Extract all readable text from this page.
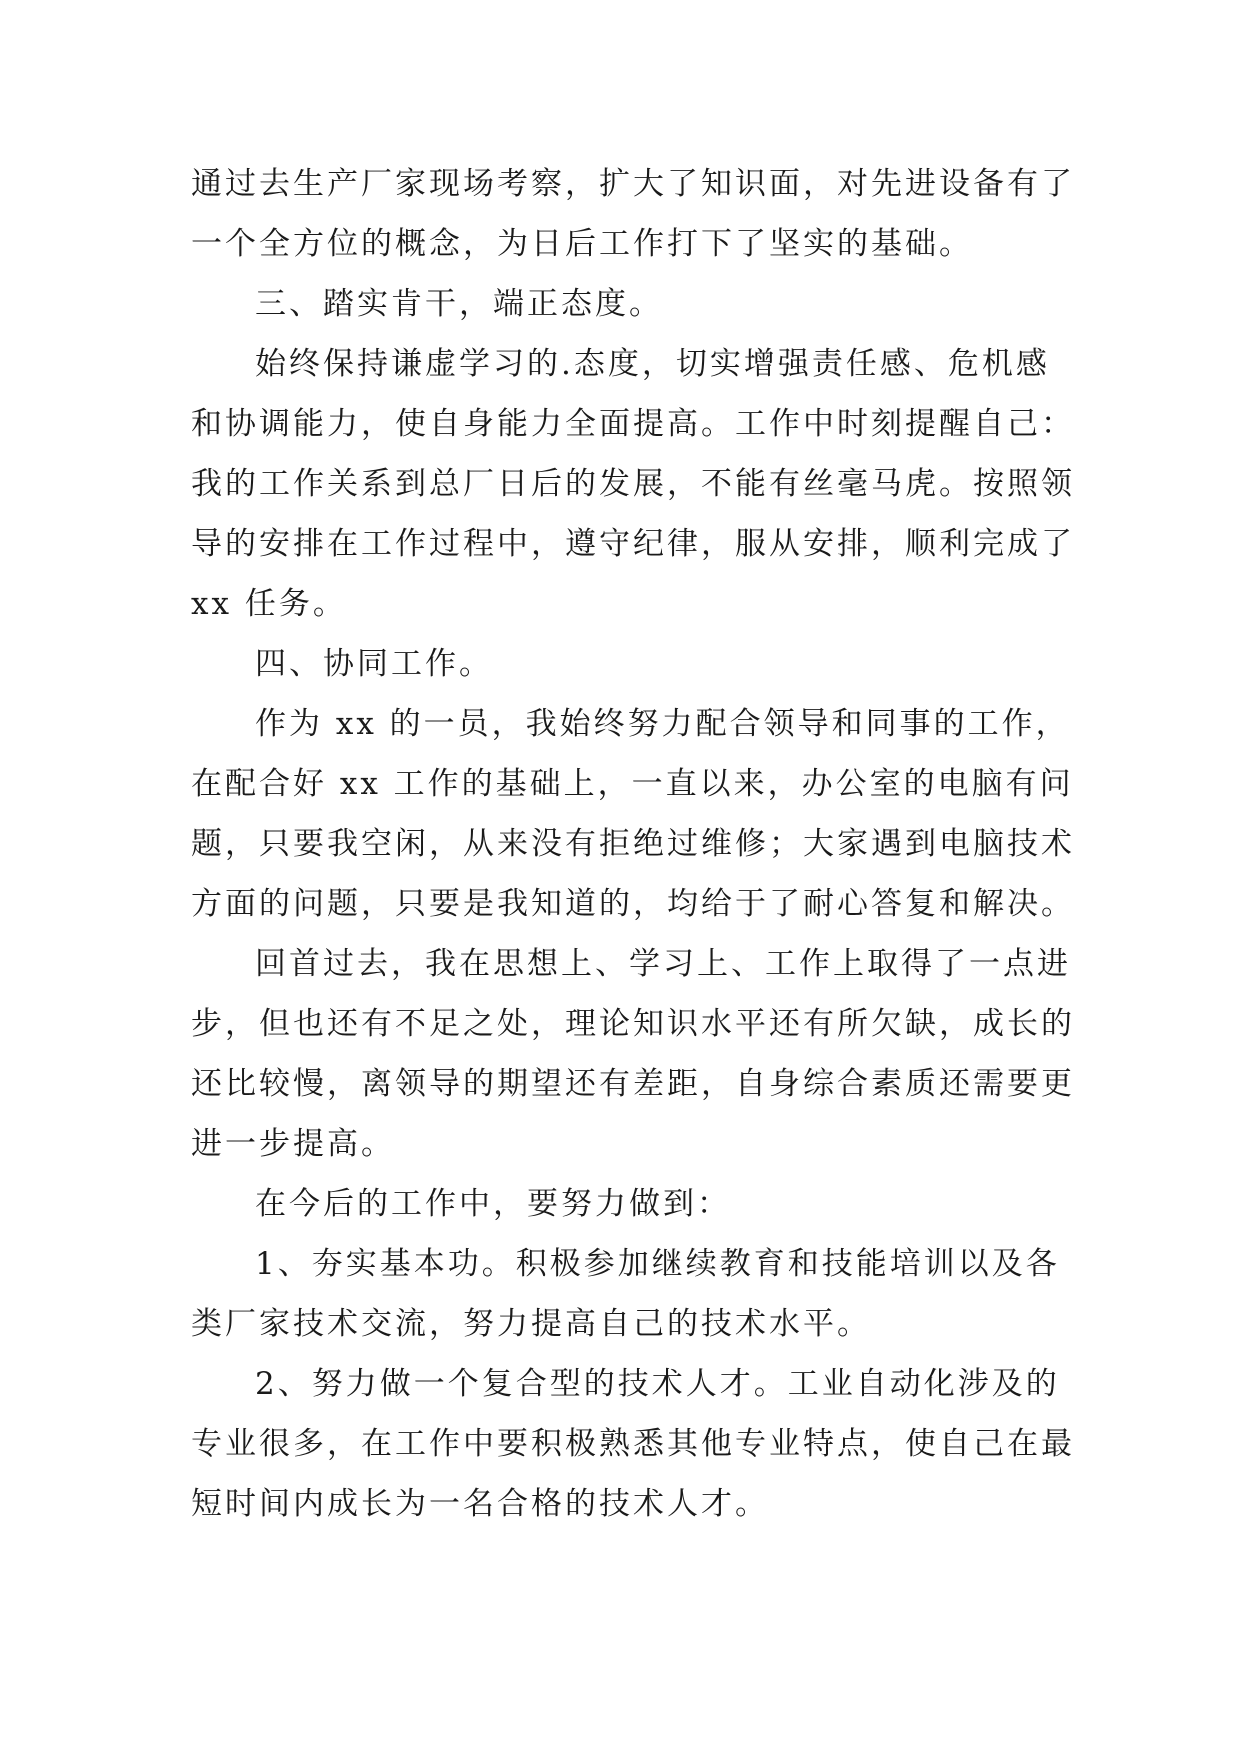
通过去生产厂家现场考察，扩大了知识面，对先进设备有了
一个全方位的概念，为日后工作打下了坚实的基础。

三、踏实肯干，端正态度。

始终保持谦虚学习的.态度，切实增强责任感、危机感
和协调能力，使自身能力全面提高。工作中时刻提醒自己：
我的工作关系到总厂日后的发展，不能有丝毫马虎。按照领
导的安排在工作过程中，遵守纪律，服从安排，顺利完成了
xx 任务。

四、协同工作。

作为 xx 的一员，我始终努力配合领导和同事的工作，
在配合好 xx 工作的基础上，一直以来，办公室的电脑有问
题，只要我空闲，从来没有拒绝过维修；大家遇到电脑技术
方面的问题，只要是我知道的，均给于了耐心答复和解决。

回首过去，我在思想上、学习上、工作上取得了一点进
步，但也还有不足之处，理论知识水平还有所欠缺，成长的
还比较慢，离领导的期望还有差距，自身综合素质还需要更
进一步提高。

在今后的工作中，要努力做到：

1、夯实基本功。积极参加继续教育和技能培训以及各
类厂家技术交流，努力提高自己的技术水平。

2、努力做一个复合型的技术人才。工业自动化涉及的
专业很多，在工作中要积极熟悉其他专业特点，使自己在最
短时间内成长为一名合格的技术人才。
